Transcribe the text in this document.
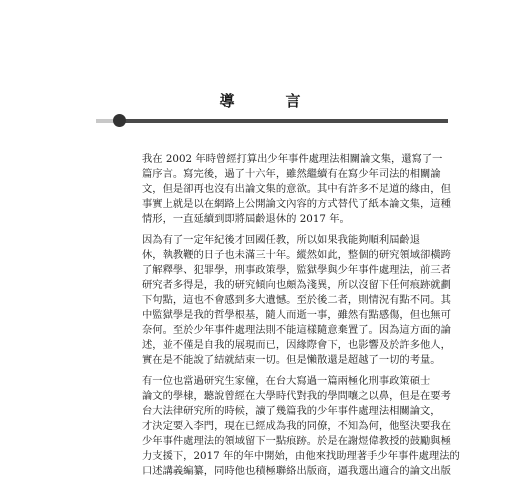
導　言
我在 2002 年時曾經打算出少年事件處理法相關論文集，還寫了一
篇序言。寫完後，過了十六年，雖然繼續有在寫少年司法的相關論
文，但是卻再也沒有出論文集的意欲。其中有許多不足道的緣由，但
事實上就是以在網路上公開論文內容的方式替代了紙本論文集，這種
情形，一直延續到即將屆齡退休的 2017 年。
因為有了一定年紀後才回國任教，所以如果我能夠順利屆齡退
休，執教鞭的日子也未滿三十年。縱然如此，整個的研究領域卻橫跨
了解釋學、犯罪學，刑事政策學，監獄學與少年事件處理法，前三者
研究者多得是，我的研究傾向也頗為淺異，所以沒留下任何痕跡就劃
下句點，這也不會感到多大遺憾。至於後二者，則情況有點不同。其
中監獄學是我的哲學根基，隨人而逝一事，雖然有點感傷，但也無可
奈何。至於少年事件處理法則不能這樣隨意棄置了。因為這方面的論
述，並不僅是自我的展現而已，因緣際會下，也影響及於許多他人，
實在是不能說了結就結束一切。但是懶散還是超越了一切的考量。
有一位也當過研究生家僮，在台大寫過一篇兩極化刑事政策碩士
論文的學棣，聽說曾經在大學時代對我的學問嚷之以鼻，但是在要考
台大法律研究所的時候，讀了幾篇我的少年事件處理法相關論文，
才決定要入李門，現在已經成為我的同僚，不知為何，他堅決要我在
少年事件處理法的領域留下一點痕跡。於是在謝煜偉教授的鼓勵與極
力支援下，2017 年的年中開始，由他來找助理著手少年事件處理法的
口述講義編纂，同時他也積極聯絡出版商，逼我選出適合的論文出版
